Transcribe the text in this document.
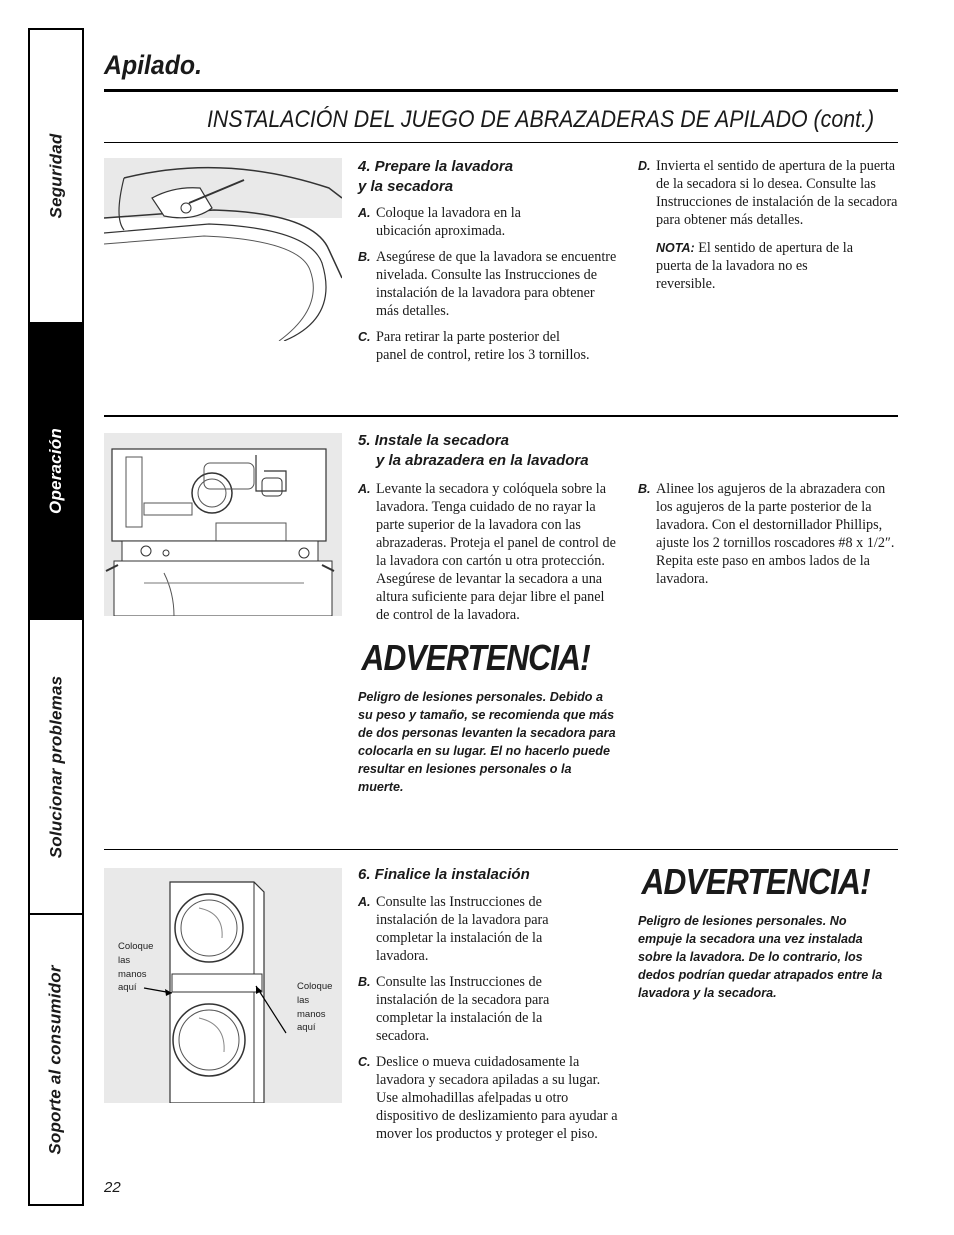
Seguridad
Operación
Solucionar problemas
Soporte al consumidor
Apilado.
INSTALACIÓN DEL JUEGO DE ABRAZADERAS DE APILADO (cont.)
4. Prepare la lavadora
y la secadora
A. Coloque la lavadora en la ubicación aproximada.
B. Asegúrese de que la lavadora se encuentre nivelada. Consulte las Instrucciones de instalación de la lavadora para obtener más detalles.
C. Para retirar la parte posterior del panel de control, retire los 3 tornillos.
D. Invierta el sentido de apertura de la puerta de la secadora si lo desea. Consulte las Instrucciones de instalación de la secadora para obtener más detalles.
NOTA: El sentido de apertura de la puerta de la lavadora no es reversible.
5. Instale la secadora
y la abrazadera en la lavadora
A. Levante la secadora y colóquela sobre la lavadora. Tenga cuidado de no rayar la parte superior de la lavadora con las abrazaderas. Proteja el panel de control de la lavadora con cartón u otra protección. Asegúrese de levantar la secadora a una altura suficiente para dejar libre el panel de control de la lavadora.
ADVERTENCIA!
Peligro de lesiones personales. Debido a su peso y tamaño, se recomienda que más de dos personas levanten la secadora para colocarla en su lugar. El no hacerlo puede resultar en lesiones personales o la muerte.
B. Alinee los agujeros de la abrazadera con los agujeros de la parte posterior de la lavadora. Con el destornillador Phillips, ajuste los 2 tornillos roscadores #8 x 1/2″. Repita este paso en ambos lados de la lavadora.
Coloque
las
manos
aquí	Coloque
las
manos
aquí
6. Finalice la instalación
A. Consulte las Instrucciones de instalación de la lavadora para completar la instalación de la lavadora.
B. Consulte las Instrucciones de instalación de la secadora para completar la instalación de la secadora.
C. Deslice o mueva cuidadosamente la lavadora y secadora apiladas a su lugar. Use almohadillas afelpadas u otro dispositivo de deslizamiento para ayudar a mover los productos y proteger el piso.
ADVERTENCIA!
Peligro de lesiones personales. No empuje la secadora una vez instalada sobre la lavadora. De lo contrario, los dedos podrían quedar atrapados entre la lavadora y la secadora.
22
